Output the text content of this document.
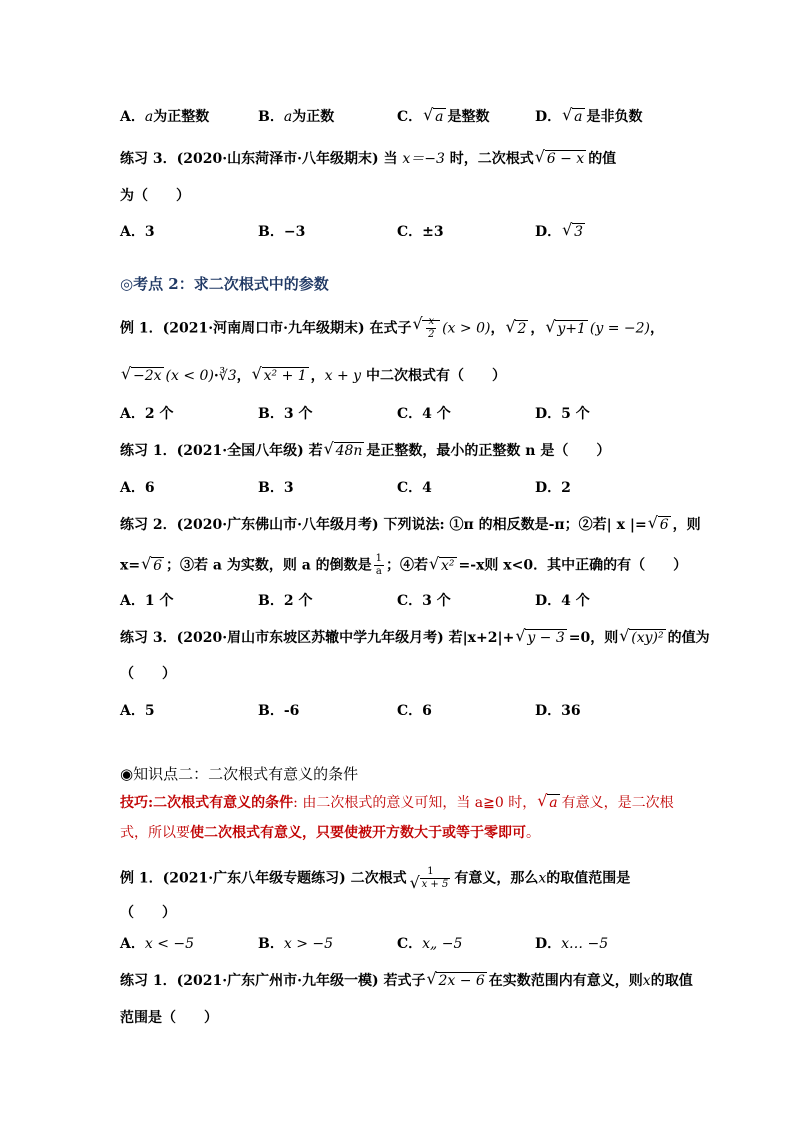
A．a为正整数	B．a为正数	C． √ a 是整数	D． √ a 是非负数
练习 3．(2020·山东菏泽市·八年级期末) 当 x＝−3 时，二次根式 √ 6 − x 的值
为（　　）
A．3	B．−3	C．±3	D． √ 3
◎考点 2：求二次根式中的参数
例 1．(2021·河南周口市·九年级期末) 在式子 √ $\frac{x}{2} (x > 0)$， √ 2 ， √ y+1 (y = −2)，
√ −2x (x < 0)·∛3， √ x² + 1 ，x + y 中二次根式有（　　）
A．2 个	B．3 个	C．4 个	D．5 个
练习 1．(2021·全国八年级) 若 √ 48n 是正整数，最小的正整数 n 是（　　）
A．6	B．3	C．4	D．2
练习 2．(2020·广东佛山市·八年级月考) 下列说法: ①π 的相反数是-π；②若| x |= √ 6 ，则
x= √ 6 ；③若 a 为实数，则 a 的倒数是 $\frac{1}{a}$ ；④若 √ x² =-x则 x<0．其中正确的有（　　）
A．1 个	B．2 个	C．3 个	D．4 个
练习 3．(2020·眉山市东坡区苏辙中学九年级月考) 若|x+2|+ √ y − 3 =0，则 √ (xy)² 的值为
（　　）
A．5	B．-6	C．6	D．36
◉知识点二：二次根式有意义的条件
技巧:二次根式有意义的条件: 由二次根式的意义可知，当 a≧0 时， √ a 有意义，是二次根
式，所以要使二次根式有意义，只要使被开方数大于或等于零即可。
例 1．(2021·广东八年级专题练习) 二次根式 1
√ x + 5 有意义，那么x的取值范围是
（　　）
A．x < −5	B．x > −5	C．x„ −5	D．x… −5
练习 1．(2021·广东广州市·九年级一模) 若式子 √ 2x − 6 在实数范围内有意义，则x的取值
范围是（　　）
